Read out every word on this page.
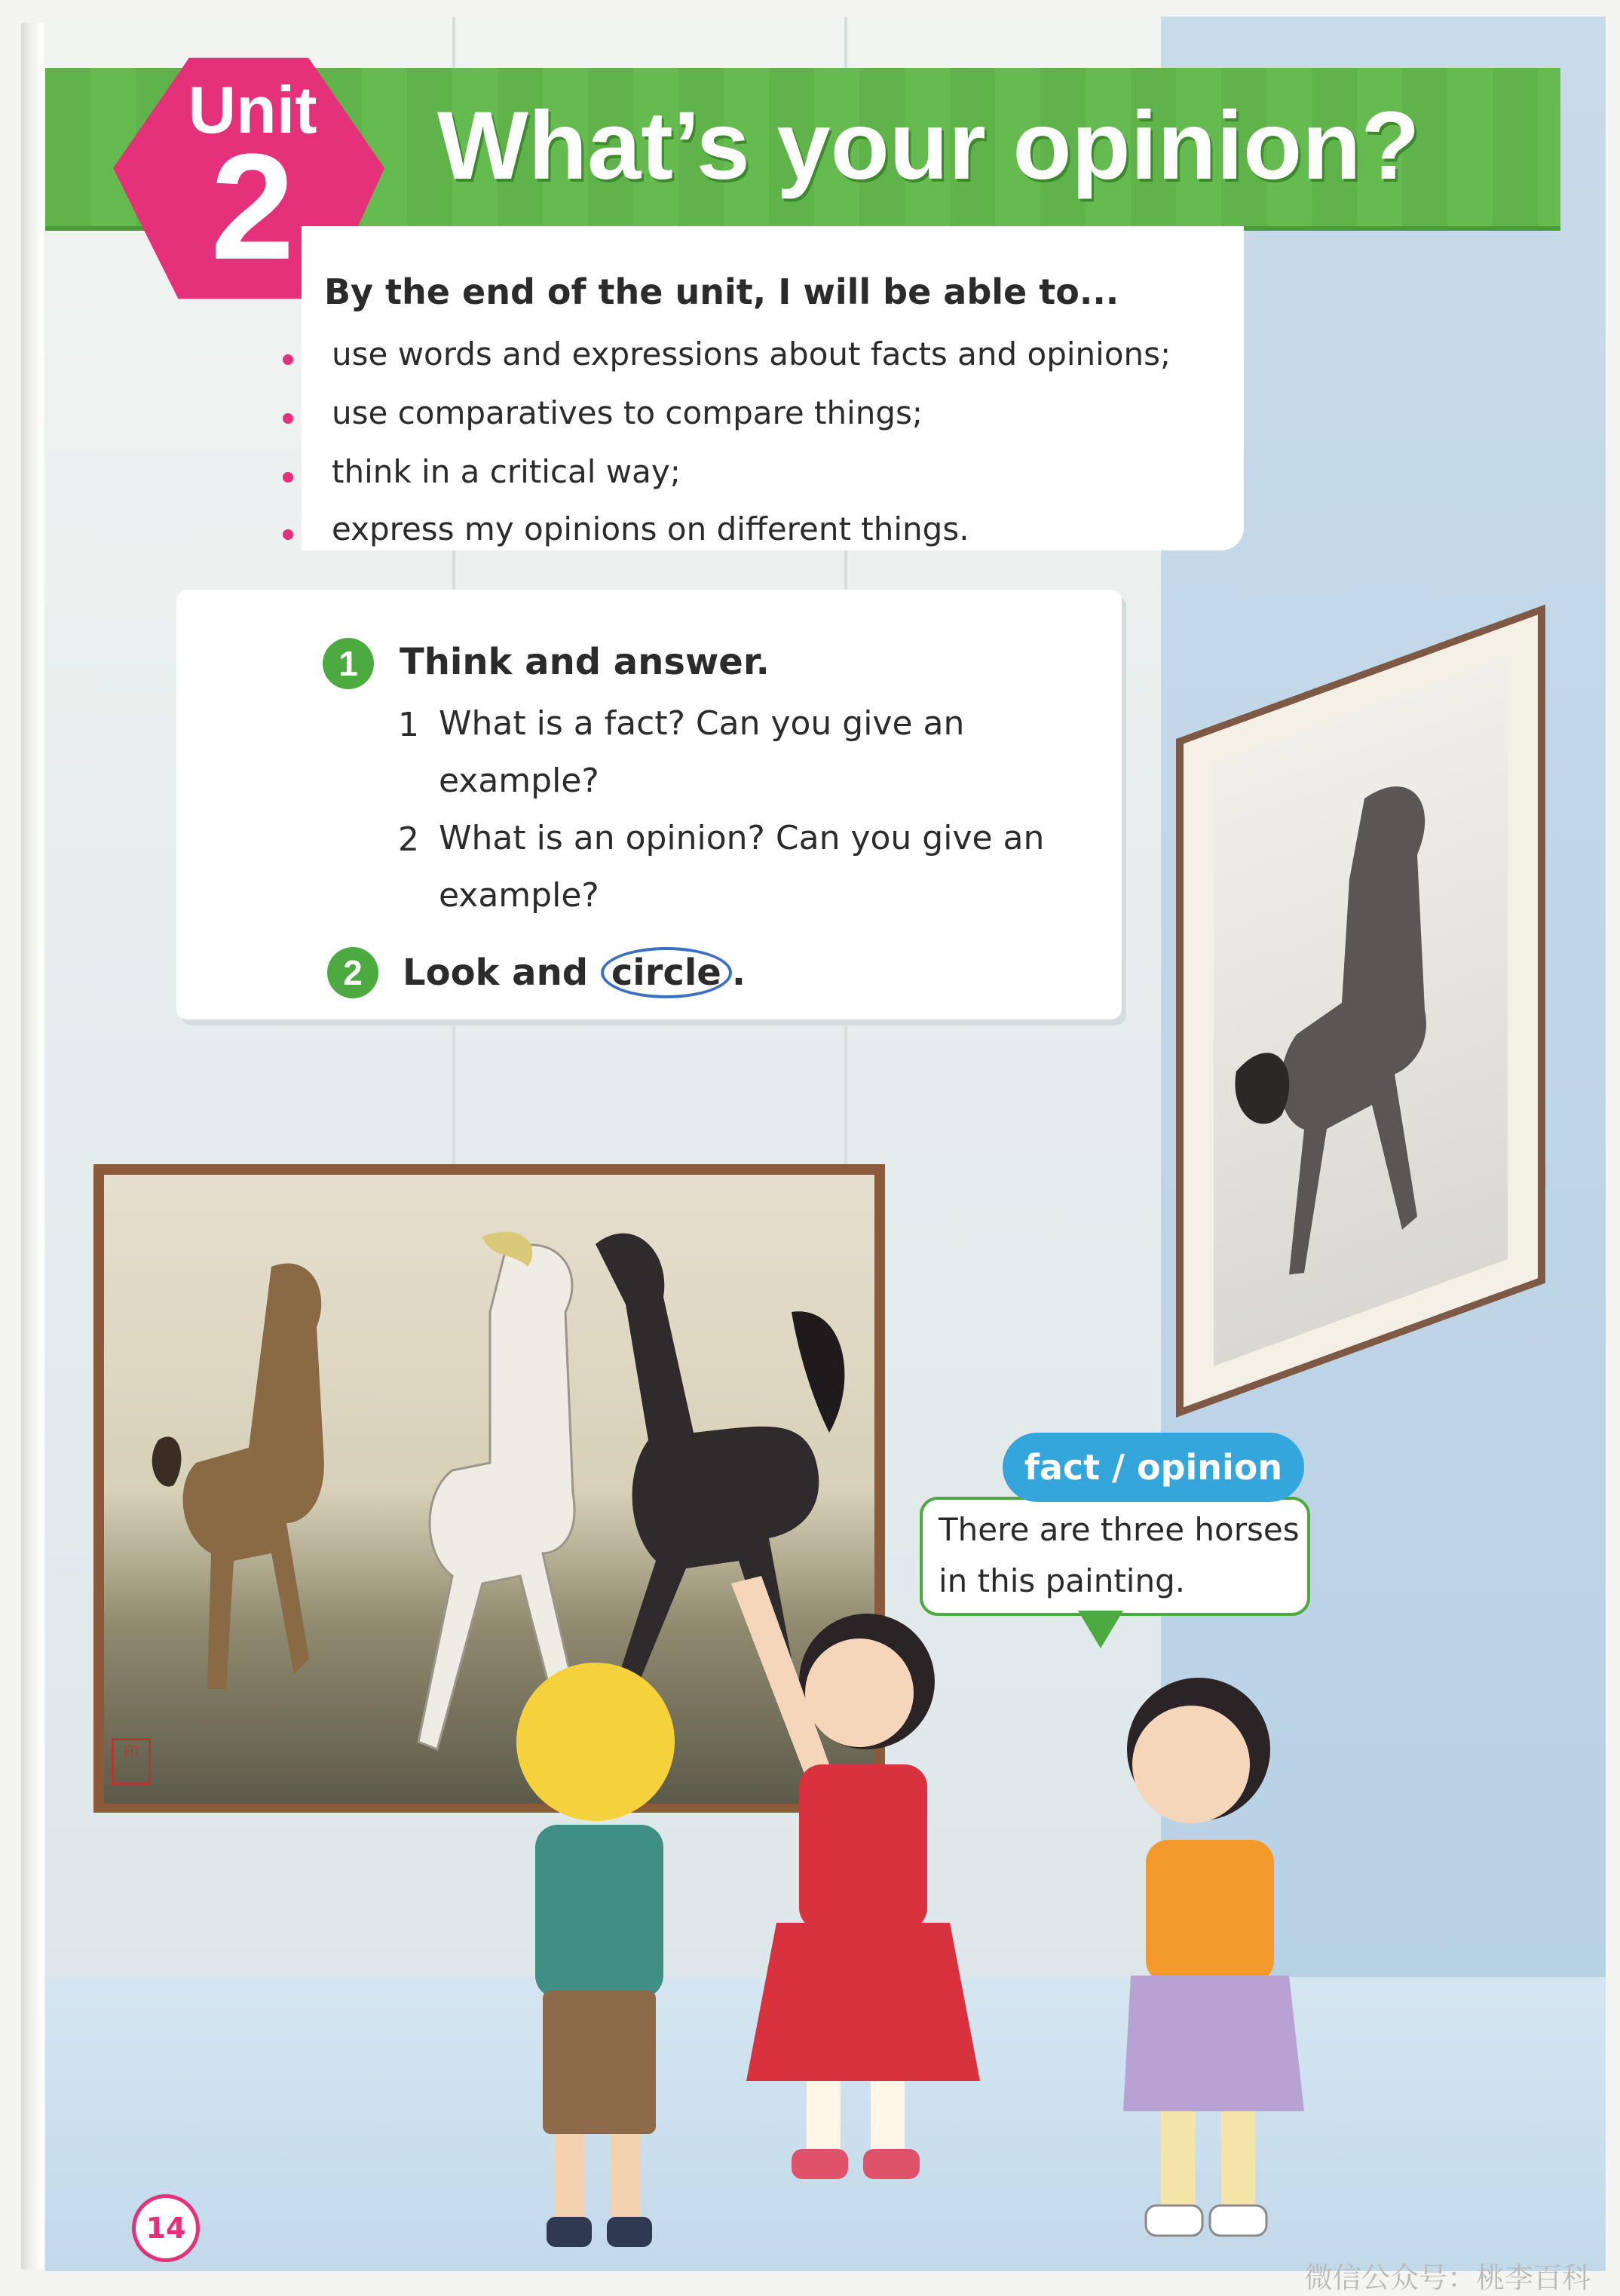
Unit
2	What’s your opinion?
By the end of the unit, I will be able to...
use words and expressions about facts and opinions;
use comparatives to compare things;
think in a critical way;
express my opinions on different things.
1	Think and answer.
1 What is a fact? Can you give an example?
2 What is an opinion? Can you give an example?
2	Look and circle .
印
There are three horses in this painting.
fact / opinion
14
微信公众号：桃李百科
